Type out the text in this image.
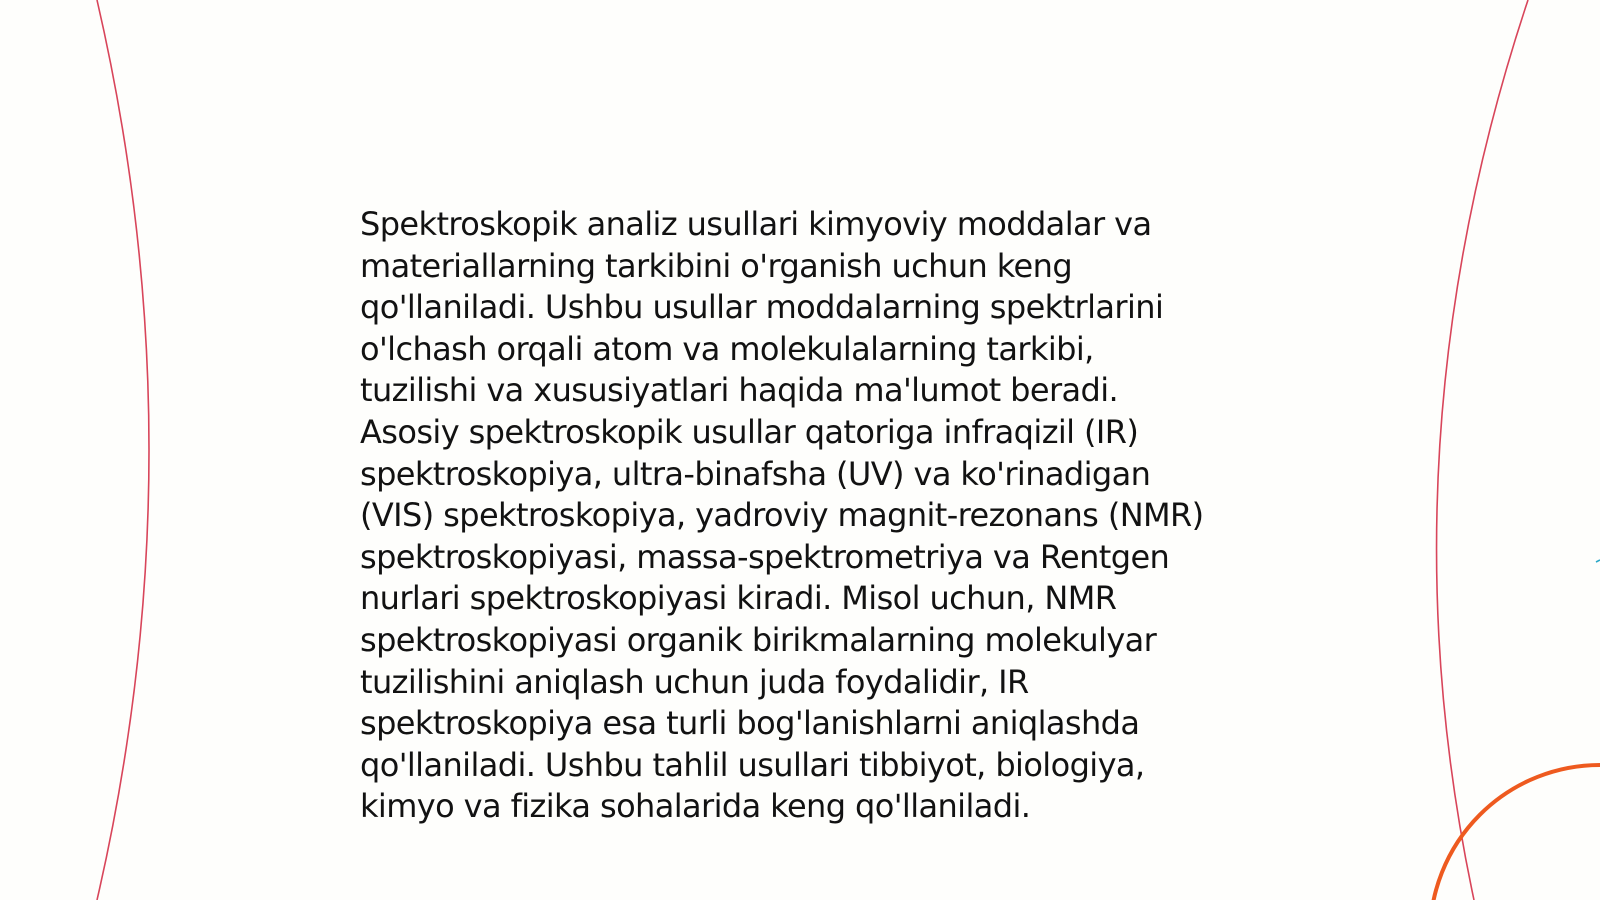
Spektroskopik analiz usullari kimyoviy moddalar va
materiallarning tarkibini o'rganish uchun keng
qo'llaniladi. Ushbu usullar moddalarning spektrlarini
o'lchash orqali atom va molekulalarning tarkibi,
tuzilishi va xususiyatlari haqida ma'lumot beradi.
Asosiy spektroskopik usullar qatoriga infraqizil (IR)
spektroskopiya, ultra-binafsha (UV) va ko'rinadigan
(VIS) spektroskopiya, yadroviy magnit-rezonans (NMR)
spektroskopiyasi, massa-spektrometriya va Rentgen
nurlari spektroskopiyasi kiradi. Misol uchun, NMR
spektroskopiyasi organik birikmalarning molekulyar
tuzilishini aniqlash uchun juda foydalidir, IR
spektroskopiya esa turli bog'lanishlarni aniqlashda
qo'llaniladi. Ushbu tahlil usullari tibbiyot, biologiya,
kimyo va fizika sohalarida keng qo'llaniladi.
